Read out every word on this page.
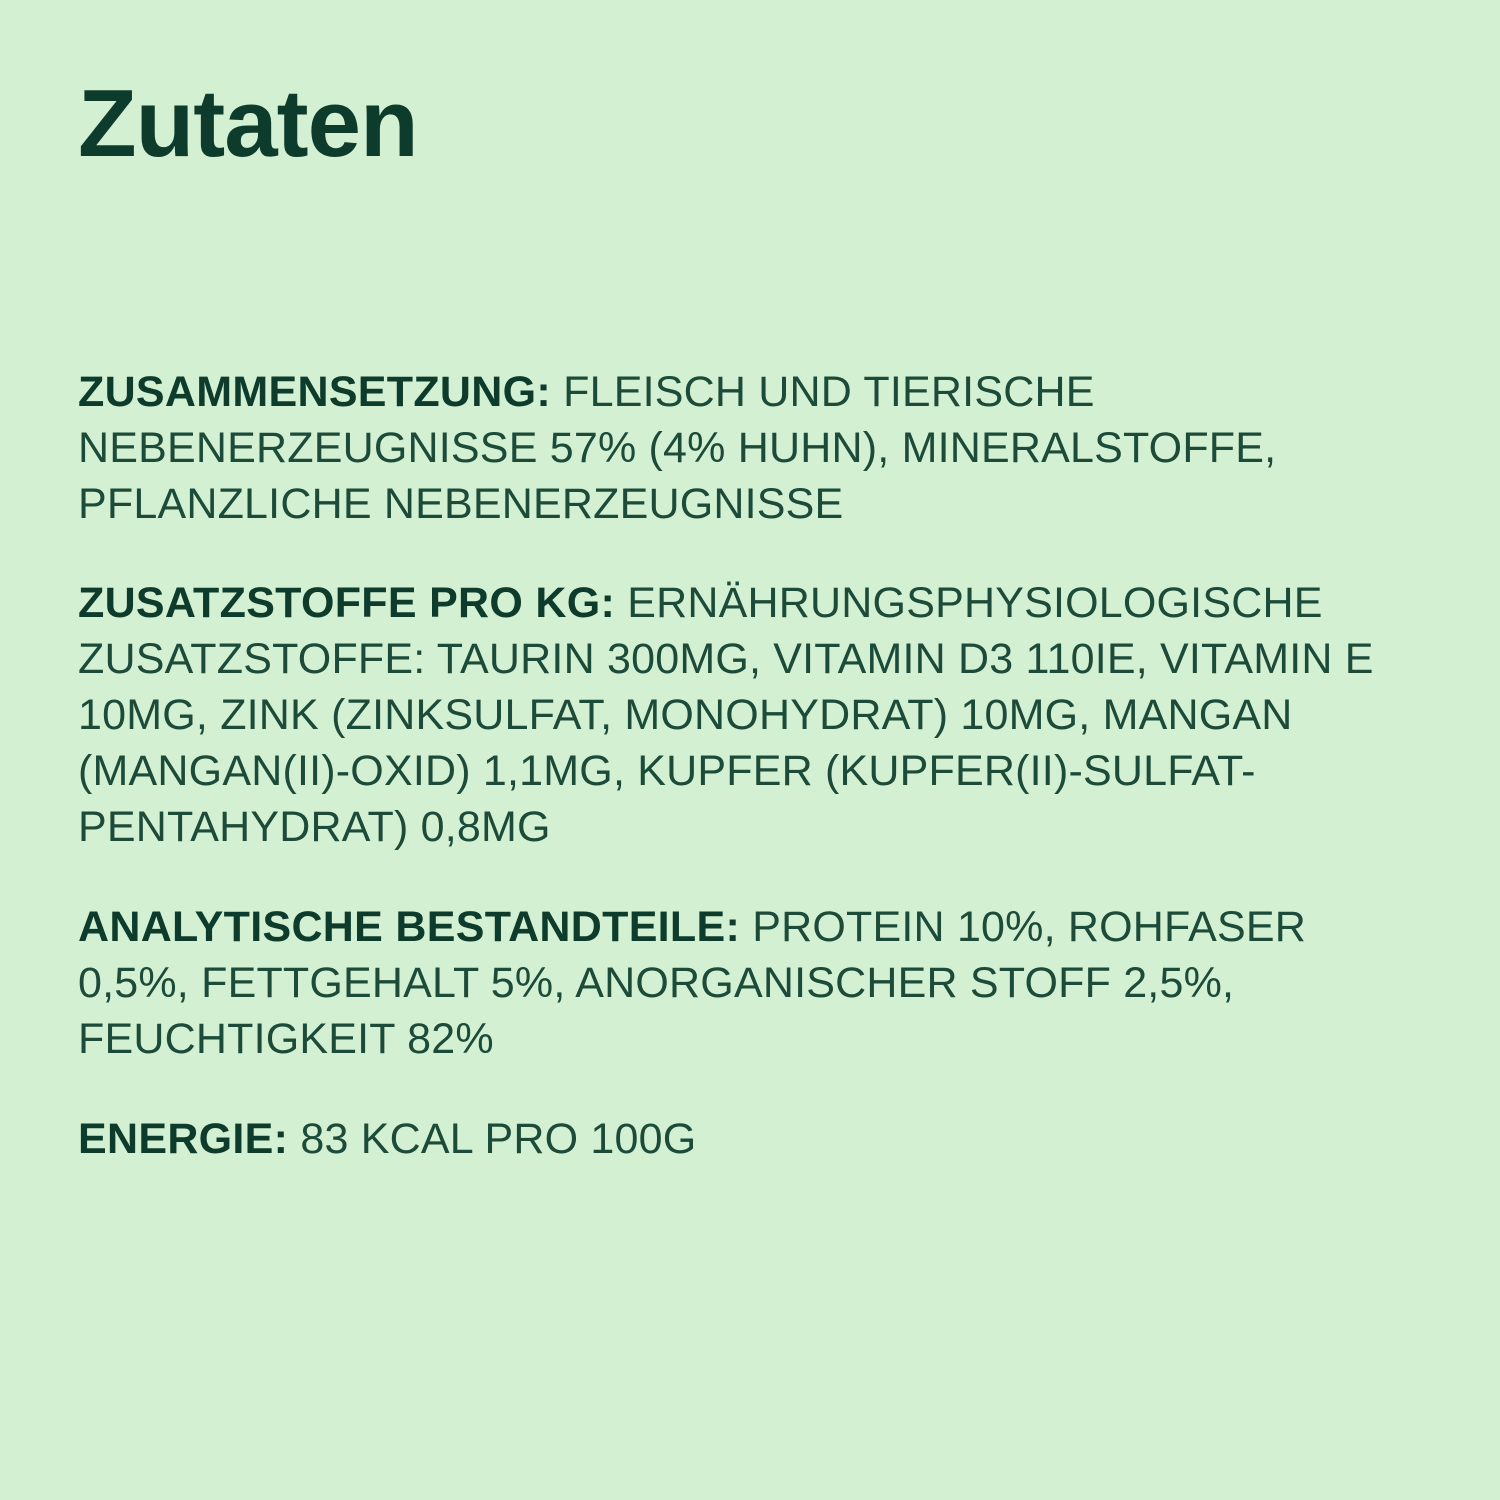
Zutaten

ZUSAMMENSETZUNG: FLEISCH UND TIERISCHE NEBENERZEUGNISSE 57% (4% HUHN), MINERALSTOFFE, PFLANZLICHE NEBENERZEUGNISSE

ZUSATZSTOFFE PRO KG: ERNÄHRUNGSPHYSIOLOGISCHE ZUSATZSTOFFE: TAURIN 300MG, VITAMIN D3 110IE, VITAMIN E 10MG, ZINK (ZINKSULFAT, MONOHYDRAT) 10MG, MANGAN (MANGAN(II)-OXID) 1,1MG, KUPFER (KUPFER(II)-SULFAT-PENTAHYDRAT) 0,8MG

ANALYTISCHE BESTANDTEILE: PROTEIN 10%, ROHFASER 0,5%, FETTGEHALT 5%, ANORGANISCHER STOFF 2,5%, FEUCHTIGKEIT 82%

ENERGIE: 83 KCAL PRO 100G
